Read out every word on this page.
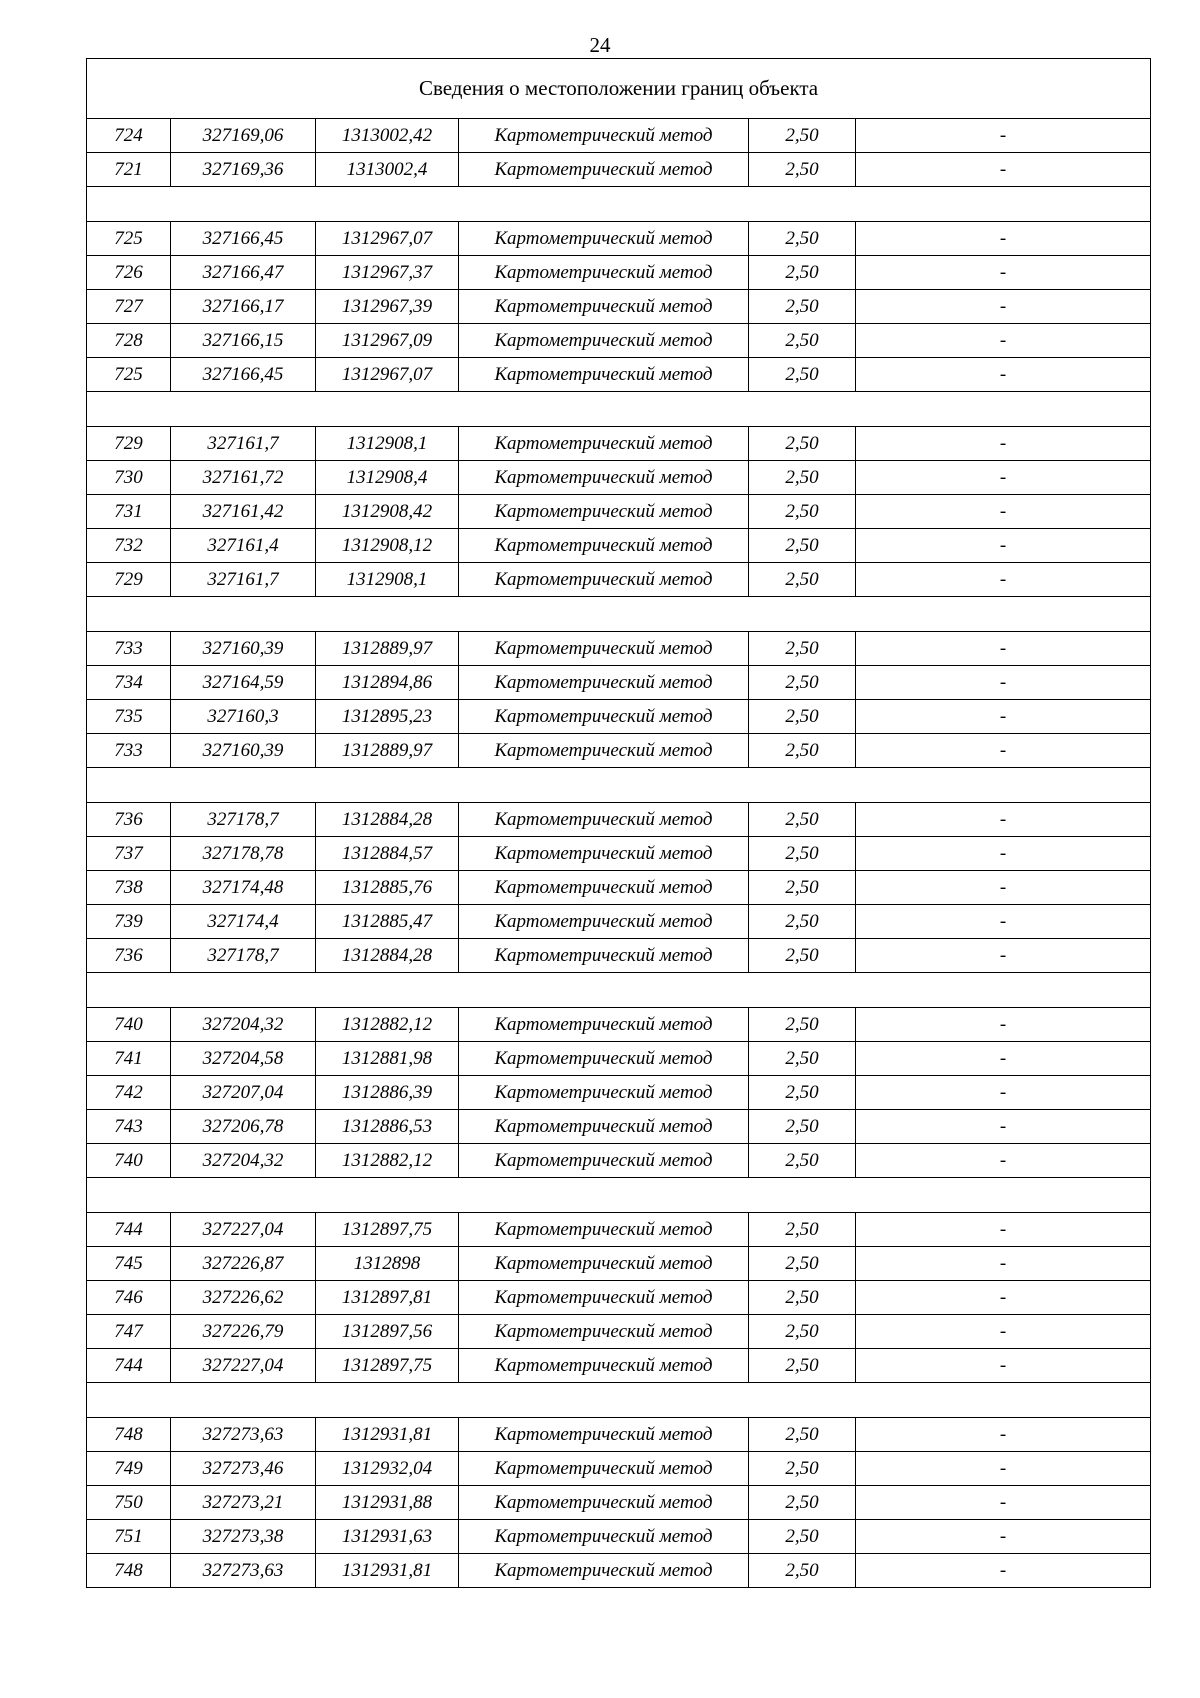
24
Сведения о местоположении границ объекта					
724	327169,06	1313002,42	Картометрический метод	2,50	-
721	327169,36	1313002,4	Картометрический метод	2,50	-

725	327166,45	1312967,07	Картометрический метод	2,50	-
726	327166,47	1312967,37	Картометрический метод	2,50	-
727	327166,17	1312967,39	Картометрический метод	2,50	-
728	327166,15	1312967,09	Картометрический метод	2,50	-
725	327166,45	1312967,07	Картометрический метод	2,50	-

729	327161,7	1312908,1	Картометрический метод	2,50	-
730	327161,72	1312908,4	Картометрический метод	2,50	-
731	327161,42	1312908,42	Картометрический метод	2,50	-
732	327161,4	1312908,12	Картометрический метод	2,50	-
729	327161,7	1312908,1	Картометрический метод	2,50	-

733	327160,39	1312889,97	Картометрический метод	2,50	-
734	327164,59	1312894,86	Картометрический метод	2,50	-
735	327160,3	1312895,23	Картометрический метод	2,50	-
733	327160,39	1312889,97	Картометрический метод	2,50	-

736	327178,7	1312884,28	Картометрический метод	2,50	-
737	327178,78	1312884,57	Картометрический метод	2,50	-
738	327174,48	1312885,76	Картометрический метод	2,50	-
739	327174,4	1312885,47	Картометрический метод	2,50	-
736	327178,7	1312884,28	Картометрический метод	2,50	-

740	327204,32	1312882,12	Картометрический метод	2,50	-
741	327204,58	1312881,98	Картометрический метод	2,50	-
742	327207,04	1312886,39	Картометрический метод	2,50	-
743	327206,78	1312886,53	Картометрический метод	2,50	-
740	327204,32	1312882,12	Картометрический метод	2,50	-

744	327227,04	1312897,75	Картометрический метод	2,50	-
745	327226,87	1312898	Картометрический метод	2,50	-
746	327226,62	1312897,81	Картометрический метод	2,50	-
747	327226,79	1312897,56	Картометрический метод	2,50	-
744	327227,04	1312897,75	Картометрический метод	2,50	-

748	327273,63	1312931,81	Картометрический метод	2,50	-
749	327273,46	1312932,04	Картометрический метод	2,50	-
750	327273,21	1312931,88	Картометрический метод	2,50	-
751	327273,38	1312931,63	Картометрический метод	2,50	-
748	327273,63	1312931,81	Картометрический метод	2,50	-
